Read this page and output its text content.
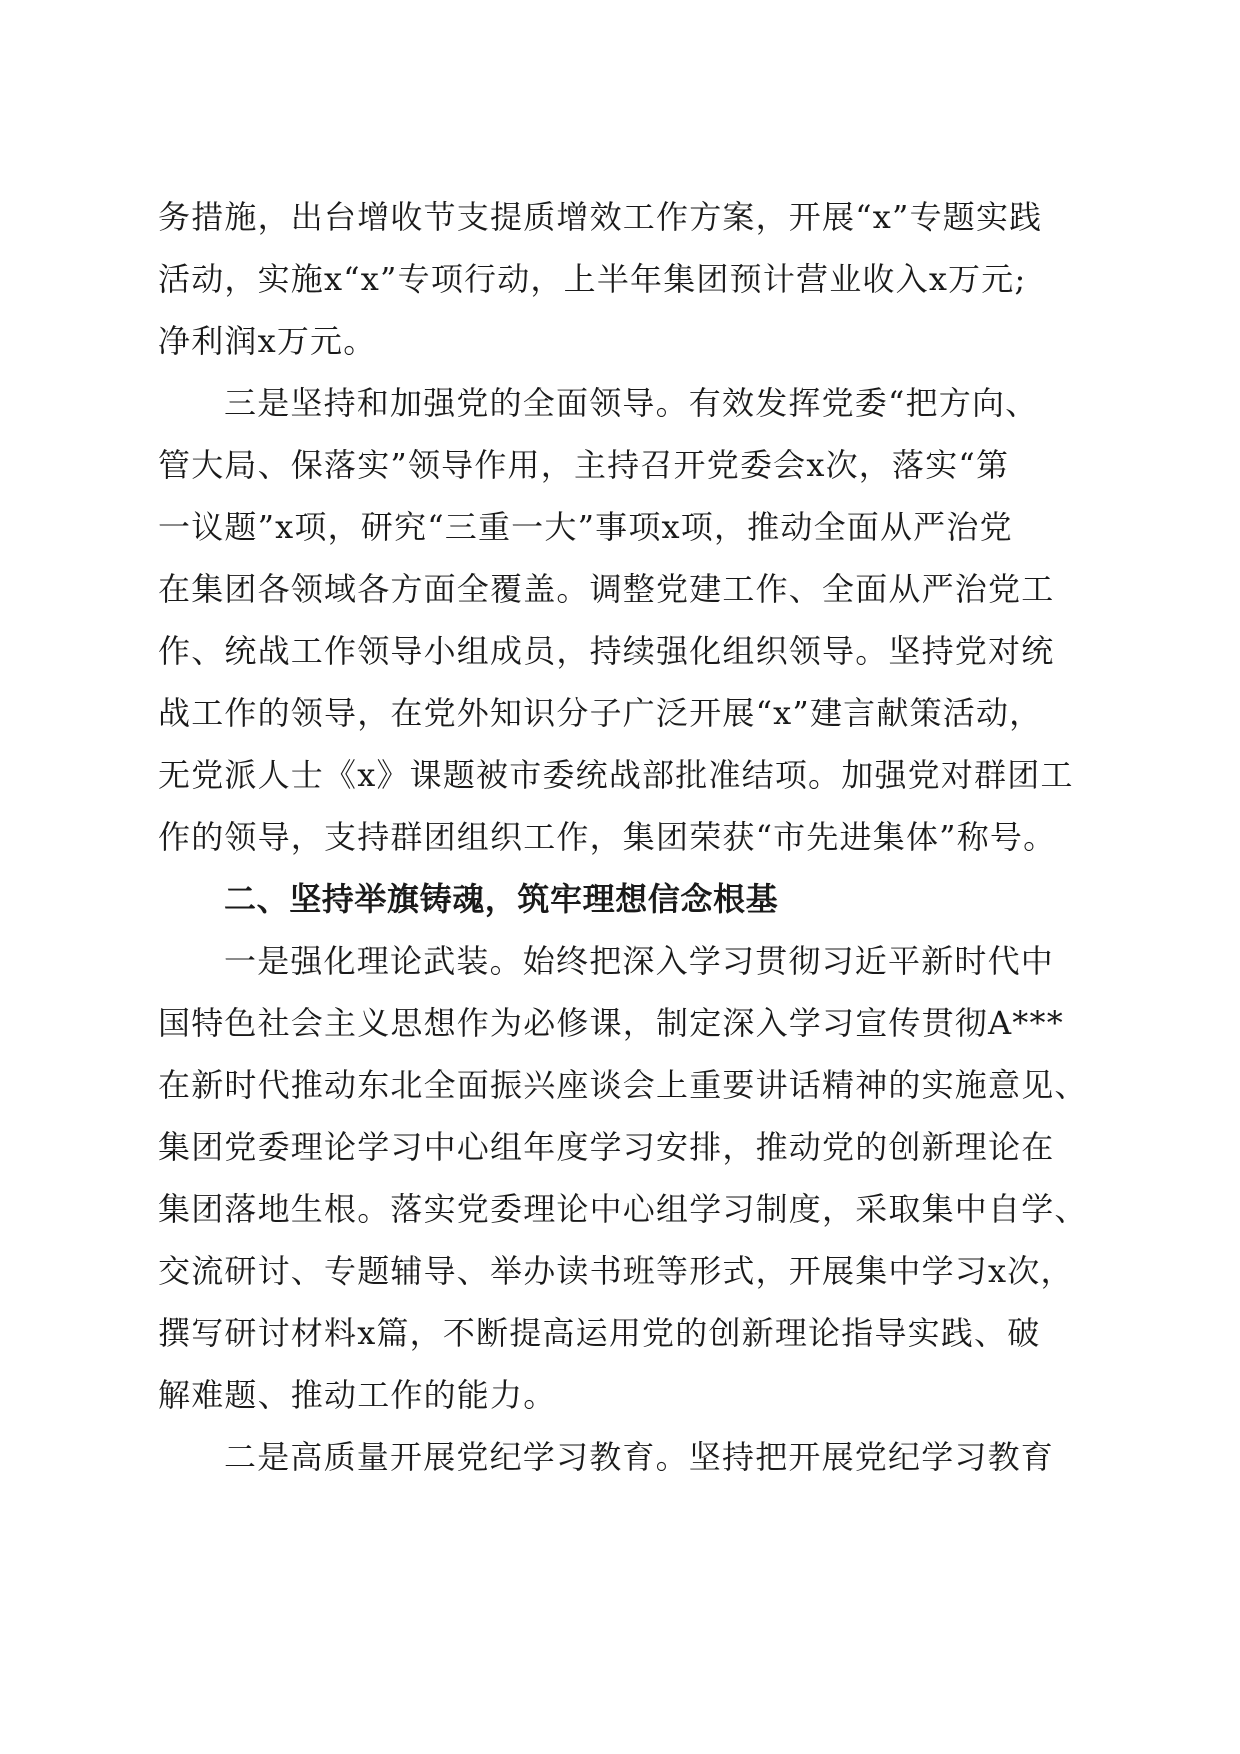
务措施，出台增收节支提质增效工作方案，开展“x”专题实践
活动，实施x“x”专项行动，上半年集团预计营业收入x万元;
净利润x万元。

三是坚持和加强党的全面领导。有效发挥党委“把方向、
管大局、保落实”领导作用，主持召开党委会x次，落实“第
一议题”x项，研究“三重一大”事项x项，推动全面从严治党
在集团各领域各方面全覆盖。调整党建工作、全面从严治党工
作、统战工作领导小组成员，持续强化组织领导。坚持党对统
战工作的领导，在党外知识分子广泛开展“x”建言献策活动，
无党派人士《x》课题被市委统战部批准结项。加强党对群团工
作的领导，支持群团组织工作，集团荣获“市先进集体”称号。

二、坚持举旗铸魂，筑牢理想信念根基

一是强化理论武装。始终把深入学习贯彻习近平新时代中
国特色社会主义思想作为必修课，制定深入学习宣传贯彻A***
在新时代推动东北全面振兴座谈会上重要讲话精神的实施意见、
集团党委理论学习中心组年度学习安排，推动党的创新理论在
集团落地生根。落实党委理论中心组学习制度，采取集中自学、
交流研讨、专题辅导、举办读书班等形式，开展集中学习x次，
撰写研讨材料x篇，不断提高运用党的创新理论指导实践、破
解难题、推动工作的能力。

二是高质量开展党纪学习教育。坚持把开展党纪学习教育
